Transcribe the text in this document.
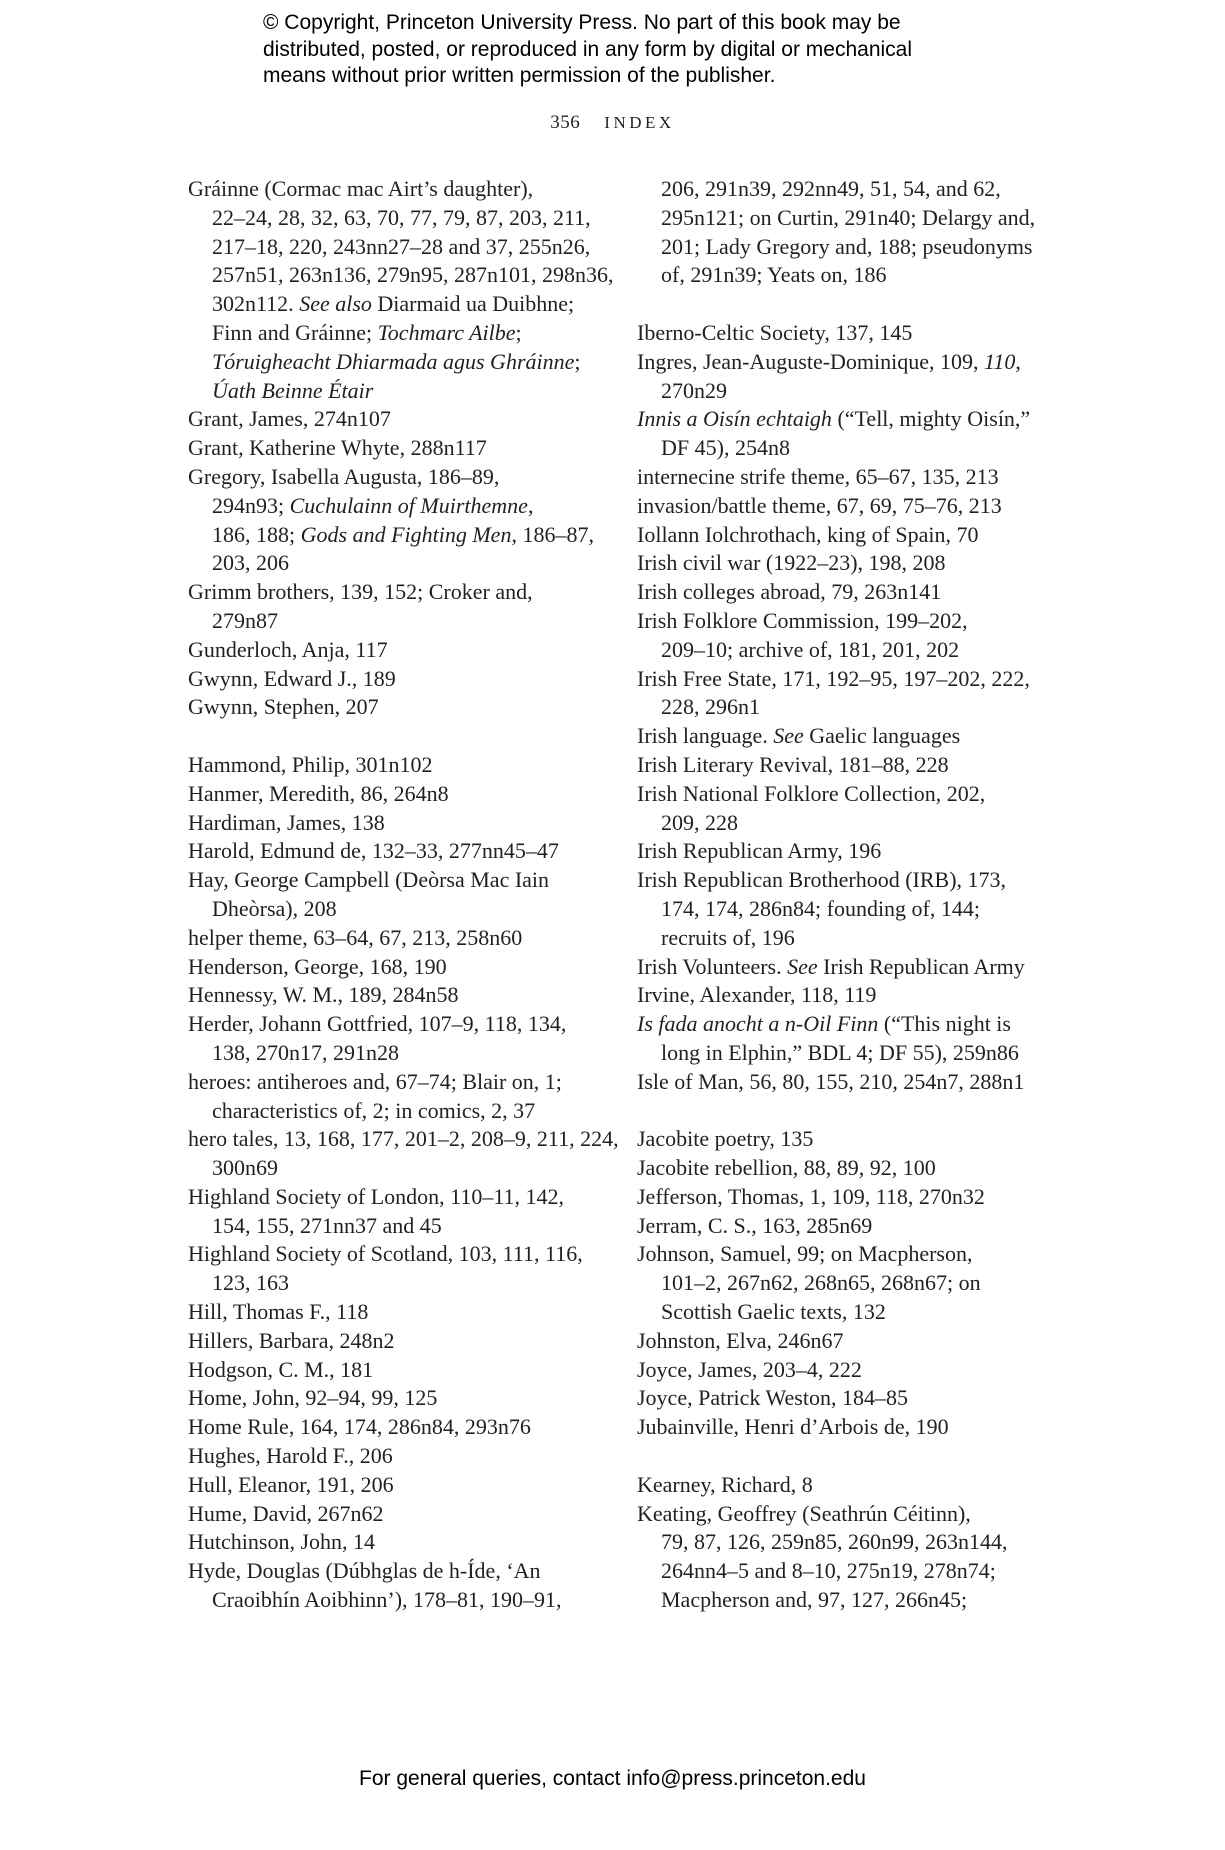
© Copyright, Princeton University Press. No part of this book may be
distributed, posted, or reproduced in any form by digital or mechanical
means without prior written permission of the publisher.
356 INDEX
Gráinne (Cormac mac Airt’s daughter),
22–24, 28, 32, 63, 70, 77, 79, 87, 203, 211,
217–18, 220, 243nn27–28 and 37, 255n26,
257n51, 263n136, 279n95, 287n101, 298n36,
302n112. See also Diarmaid ua Duibhne;
Finn and Gráinne; Tochmarc Ailbe;
Tóruigheacht Dhiarmada agus Ghráinne;
Úath Beinne Étair
Grant, James, 274n107
Grant, Katherine Whyte, 288n117
Gregory, Isabella Augusta, 186–89,
294n93; Cuchulainn of Muirthemne,
186, 188; Gods and Fighting Men, 186–87,
203, 206
Grimm brothers, 139, 152; Croker and,
279n87
Gunderloch, Anja, 117
Gwynn, Edward J., 189
Gwynn, Stephen, 207
Hammond, Philip, 301n102
Hanmer, Meredith, 86, 264n8
Hardiman, James, 138
Harold, Edmund de, 132–33, 277nn45–47
Hay, George Campbell (Deòrsa Mac Iain
Dheòrsa), 208
helper theme, 63–64, 67, 213, 258n60
Henderson, George, 168, 190
Hennessy, W. M., 189, 284n58
Herder, Johann Gottfried, 107–9, 118, 134,
138, 270n17, 291n28
heroes: antiheroes and, 67–74; Blair on, 1;
characteristics of, 2; in comics, 2, 37
hero tales, 13, 168, 177, 201–2, 208–9, 211, 224,
300n69
Highland Society of London, 110–11, 142,
154, 155, 271nn37 and 45
Highland Society of Scotland, 103, 111, 116,
123, 163
Hill, Thomas F., 118
Hillers, Barbara, 248n2
Hodgson, C. M., 181
Home, John, 92–94, 99, 125
Home Rule, 164, 174, 286n84, 293n76
Hughes, Harold F., 206
Hull, Eleanor, 191, 206
Hume, David, 267n62
Hutchinson, John, 14
Hyde, Douglas (Dúbhglas de h-Íde, ‘An
Craoibhín Aoibhinn’), 178–81, 190–91,
206, 291n39, 292nn49, 51, 54, and 62,
295n121; on Curtin, 291n40; Delargy and,
201; Lady Gregory and, 188; pseudonyms
of, 291n39; Yeats on, 186
Iberno-Celtic Society, 137, 145
Ingres, Jean-Auguste-Dominique, 109, 110,
270n29
Innis a Oisín echtaigh (“Tell, mighty Oisín,”
DF 45), 254n8
internecine strife theme, 65–67, 135, 213
invasion/battle theme, 67, 69, 75–76, 213
Iollann Iolchrothach, king of Spain, 70
Irish civil war (1922–23), 198, 208
Irish colleges abroad, 79, 263n141
Irish Folklore Commission, 199–202,
209–10; archive of, 181, 201, 202
Irish Free State, 171, 192–95, 197–202, 222,
228, 296n1
Irish language. See Gaelic languages
Irish Literary Revival, 181–88, 228
Irish National Folklore Collection, 202,
209, 228
Irish Republican Army, 196
Irish Republican Brotherhood (IRB), 173,
174, 174, 286n84; founding of, 144;
recruits of, 196
Irish Volunteers. See Irish Republican Army
Irvine, Alexander, 118, 119
Is fada anocht a n-Oil Finn (“This night is
long in Elphin,” BDL 4; DF 55), 259n86
Isle of Man, 56, 80, 155, 210, 254n7, 288n1
Jacobite poetry, 135
Jacobite rebellion, 88, 89, 92, 100
Jefferson, Thomas, 1, 109, 118, 270n32
Jerram, C. S., 163, 285n69
Johnson, Samuel, 99; on Macpherson,
101–2, 267n62, 268n65, 268n67; on
Scottish Gaelic texts, 132
Johnston, Elva, 246n67
Joyce, James, 203–4, 222
Joyce, Patrick Weston, 184–85
Jubainville, Henri d’Arbois de, 190
Kearney, Richard, 8
Keating, Geoffrey (Seathrún Céitinn),
79, 87, 126, 259n85, 260n99, 263n144,
264nn4–5 and 8–10, 275n19, 278n74;
Macpherson and, 97, 127, 266n45;
For general queries, contact info@press.princeton.edu
